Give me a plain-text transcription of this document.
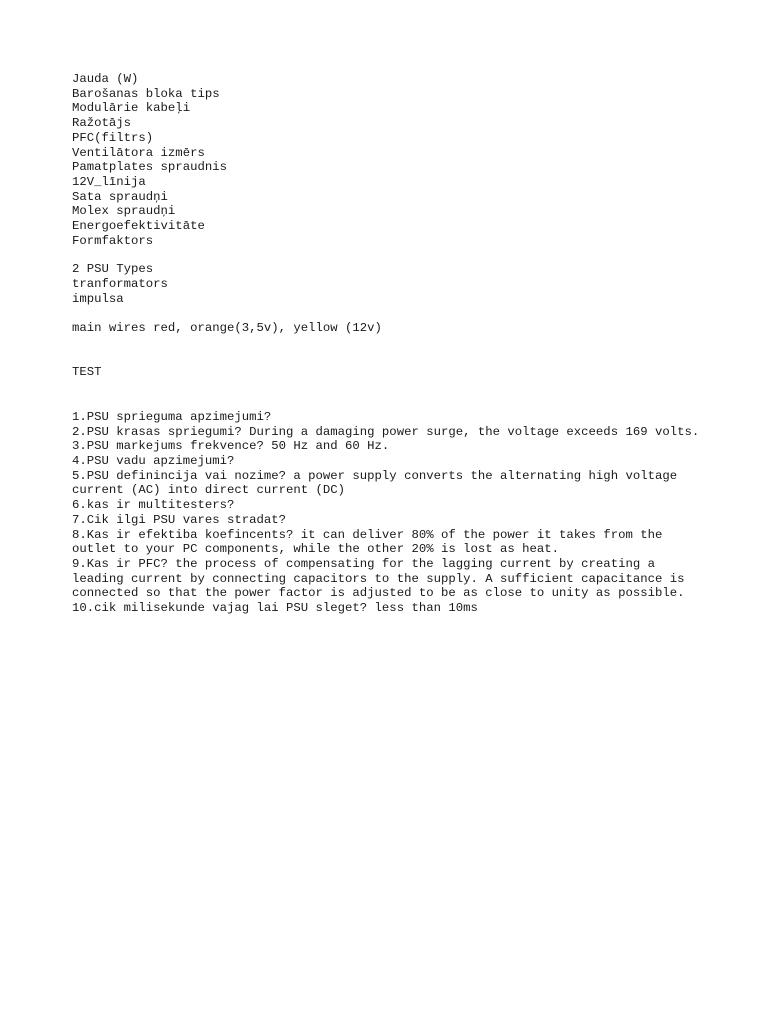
Jauda (W)
Barošanas bloka tips
Modulārie kabeļi
Ražotājs
PFC(filtrs)
Ventilātora izmērs
Pamatplates spraudnis
12V_līnija
Sata spraudņi
Molex spraudņi
Energoefektivitāte
Formfaktors
2 PSU Types
tranformators
impulsa
main wires red, orange(3,5v), yellow (12v)
TEST
1.PSU sprieguma apzimejumi?
2.PSU krasas spriegumi? During a damaging power surge, the voltage exceeds 169 volts.
3.PSU markejums frekvence? 50 Hz and 60 Hz.
4.PSU vadu apzimejumi?
5.PSU definincija vai nozime? a power supply converts the alternating high voltage current (AC) into direct current (DC)
6.kas ir multitesters?
7.Cik ilgi PSU vares stradat?
8.Kas ir efektiba koefincents? it can deliver 80% of the power it takes from the outlet to your PC components, while the other 20% is lost as heat.
9.Kas ir PFC? the process of compensating for the lagging current by creating a leading current by connecting capacitors to the supply. A sufficient capacitance is connected so that the power factor is adjusted to be as close to unity as possible.
10.cik milisekunde vajag lai PSU sleget? less than 10ms
